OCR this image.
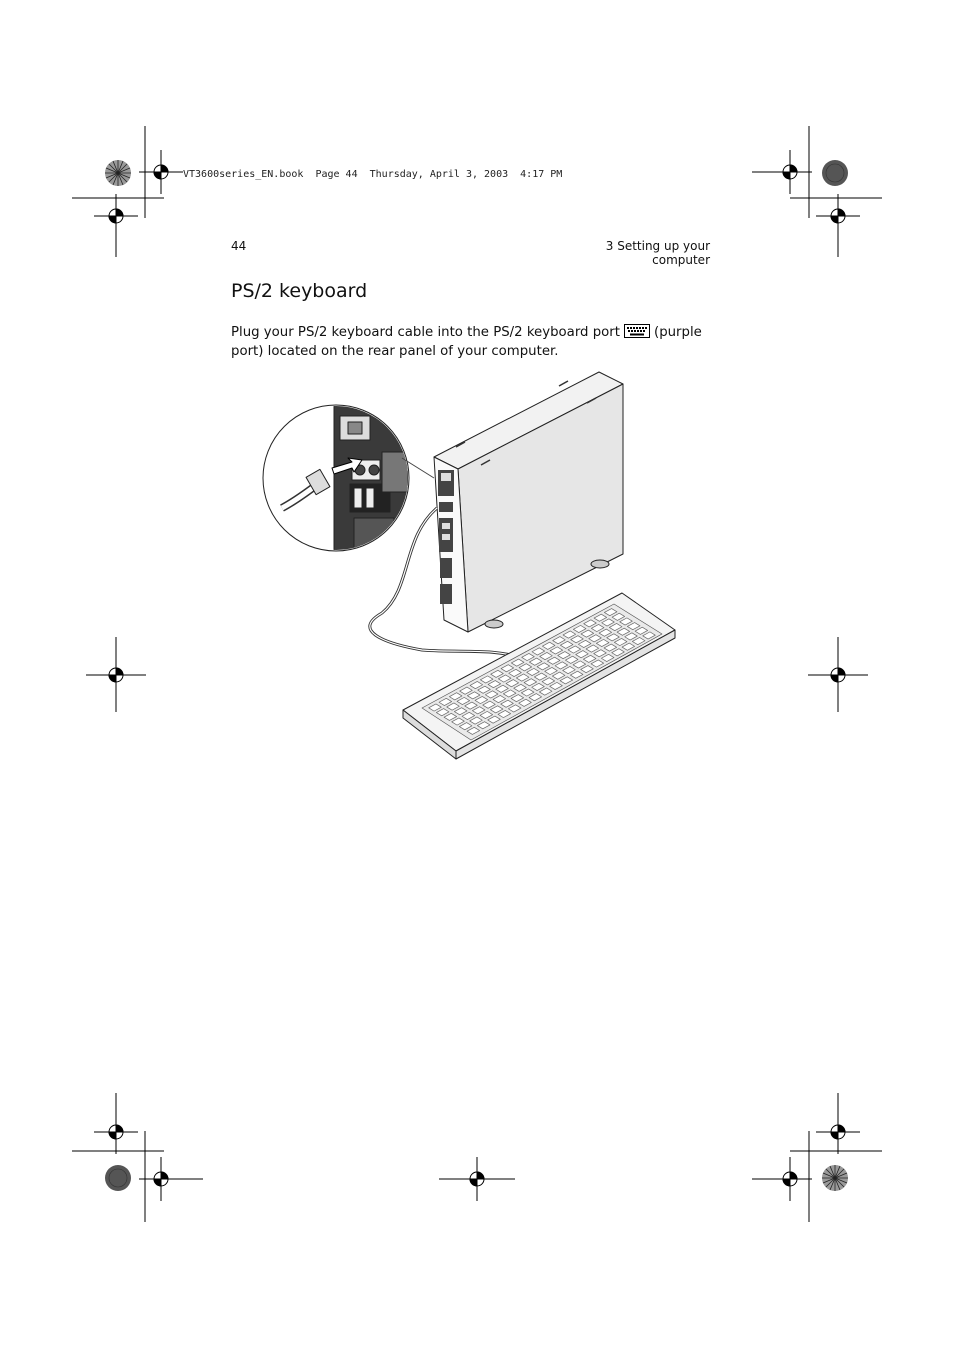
VT3600series_EN.book  Page 44  Thursday, April 3, 2003  4:17 PM
44	3 Setting up your computer
PS/2 keyboard
Plug your PS/2 keyboard cable into the PS/2 keyboard port	(purple port) located on the rear panel of your computer.
